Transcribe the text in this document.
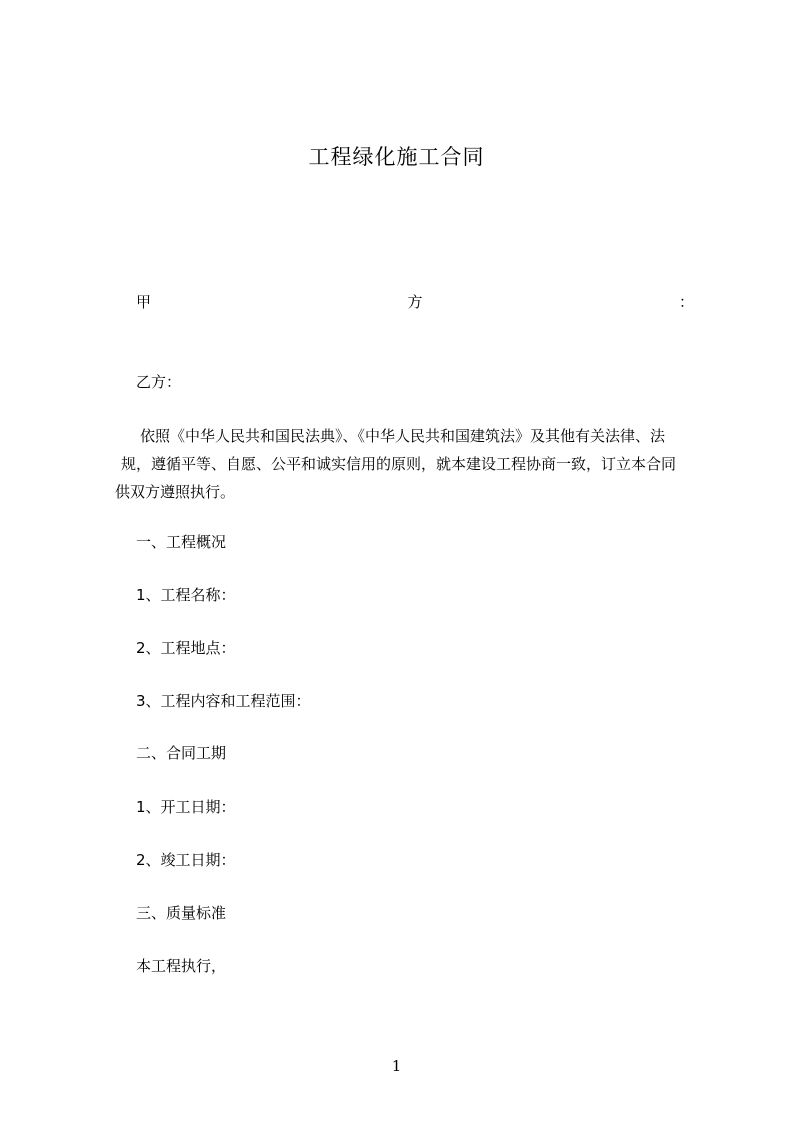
工程绿化施工合同
甲	方	：
乙方：
依照《中华人民共和国民法典》、《中华人民共和国建筑法》及其他有关法律、法
规，遵循平等、自愿、公平和诚实信用的原则，就本建设工程协商一致，订立本合同
供双方遵照执行。
一、工程概况
1、工程名称：
2、工程地点：
3、工程内容和工程范围：
二、合同工期
1、开工日期：
2、竣工日期：
三、质量标准
本工程执行，
1
